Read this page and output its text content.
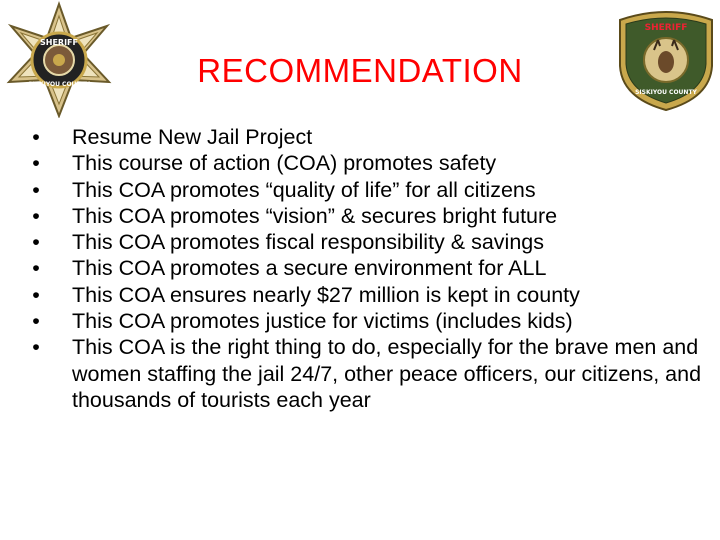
SHERIFF
SISKIYOU COUNTY	RECOMMENDATION
SHERIFF
SISKIYOU COUNTY
• Resume New Jail Project
• This course of action (COA) promotes safety
• This COA promotes “quality of life” for all citizens
• This COA promotes “vision” & secures bright future
• This COA promotes fiscal responsibility & savings
• This COA promotes a secure environment for ALL
• This COA ensures nearly $27 million is kept in county
• This COA promotes justice for victims (includes kids)
• This COA is the right thing to do, especially for the brave men and women staffing the jail 24/7, other peace officers, our citizens, and thousands of tourists each year
